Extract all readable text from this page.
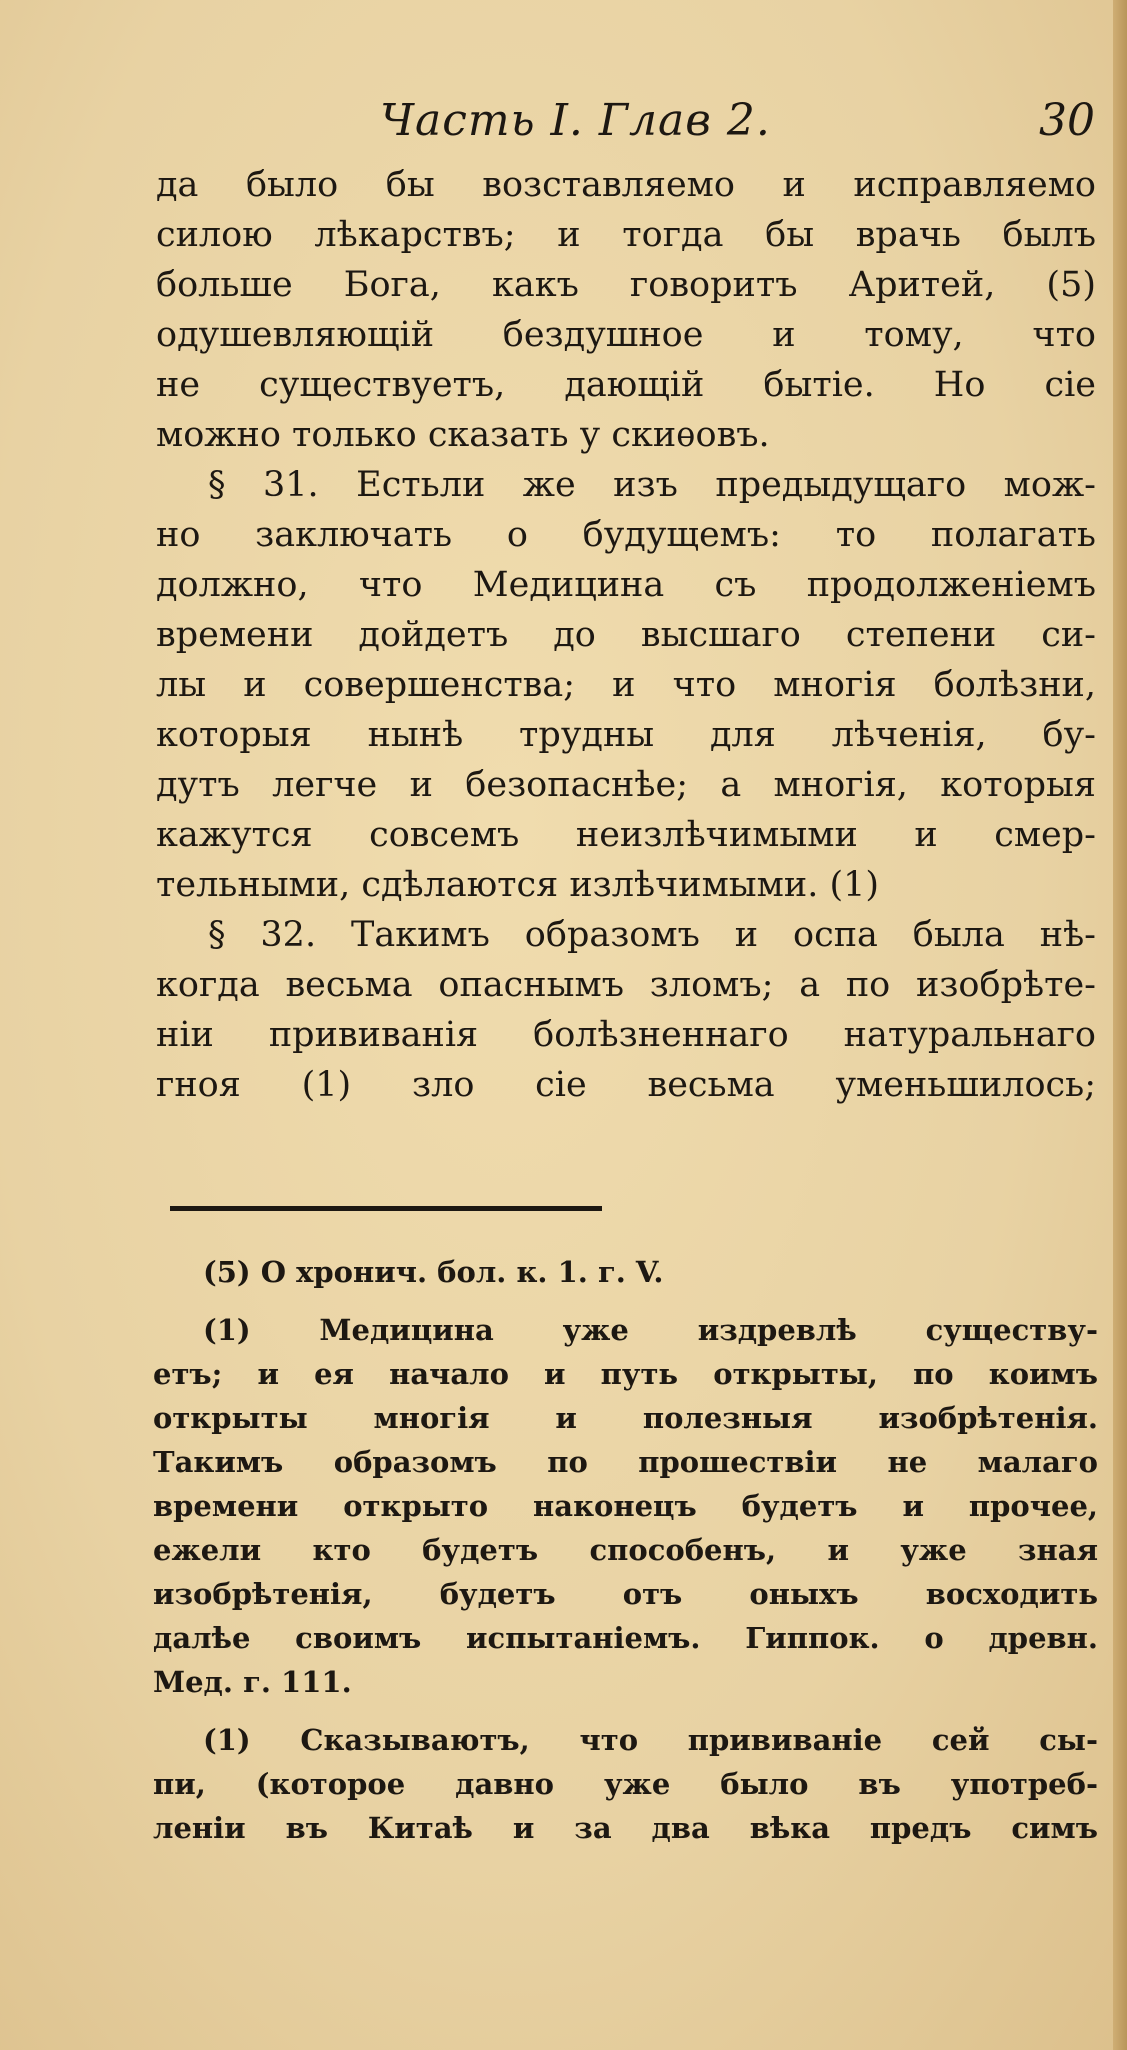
Часть I. Глав 2.	30
да было бы возставляемо и исправляемо
силою лѣкарствъ; и тогда бы врачь былъ
больше Бога, какъ говоритъ Аритей, (5)
одушевляющій бездушное и тому, что
не существуетъ, дающій бытіе. Но сіе
можно только сказать у скиѳовъ.
§ 31. Естьли же изъ предыдущаго мож-
но заключать о будущемъ: то полагать
должно, что Медицина съ продолженіемъ
времени дойдетъ до высшаго степени си-
лы и совершенства; и что многія болѣзни,
которыя нынѣ трудны для лѣченія, бу-
дутъ легче и безопаснѣе; а многія, которыя
кажутся совсемъ неизлѣчимыми и смер-
тельными, сдѣлаются излѣчимыми. (1)
§ 32. Такимъ образомъ и оспа была нѣ-
когда весьма опаснымъ зломъ; а по изобрѣте-
ніи прививанія болѣзненнаго натуральнаго
гноя (1) зло сіе весьма уменьшилось;
(5) О хронич. бол. к. 1. г. V.
(1) Медицина уже издревлѣ существу-
етъ; и ея начало и путь открыты, по коимъ
открыты многія и полезныя изобрѣтенія.
Такимъ образомъ по прошествіи не малаго
времени открыто наконецъ будетъ и прочее,
ежели кто будетъ способенъ, и уже зная
изобрѣтенія, будетъ отъ оныхъ восходить
далѣе своимъ испытаніемъ. Гиппок. о древн.
Мед. г. 111.
(1) Сказываютъ, что прививаніе сей сы-
пи, (которое давно уже было въ употреб-
леніи въ Китаѣ и за два вѣка предъ симъ
